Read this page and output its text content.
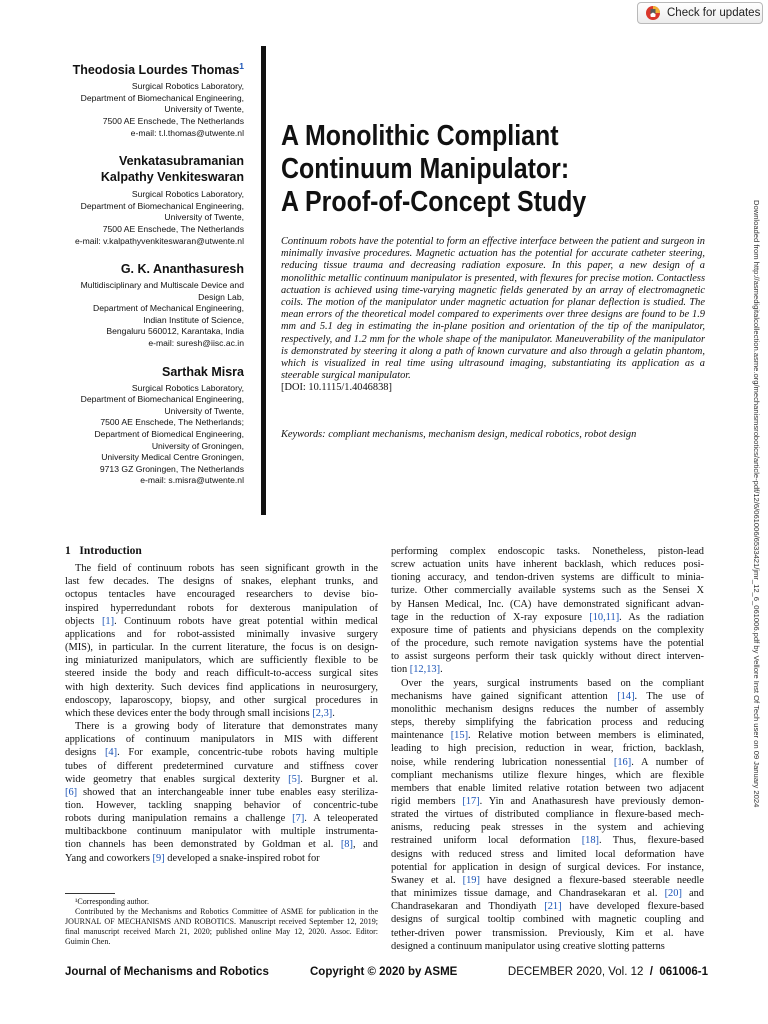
Check for updates
Theodosia Lourdes Thomas$^1$
Surgical Robotics Laboratory,
Department of Biomechanical Engineering,
University of Twente,
7500 AE Enschede, The Netherlands
e-mail: t.l.thomas@utwente.nl
Venkatasubramanian
Kalpathy Venkiteswaran
Surgical Robotics Laboratory,
Department of Biomechanical Engineering,
University of Twente,
7500 AE Enschede, The Netherlands
e-mail: v.kalpathyvenkiteswaran@utwente.nl
G. K. Ananthasuresh
Multidisciplinary and Multiscale Device and
Design Lab,
Department of Mechanical Engineering,
Indian Institute of Science,
Bengaluru 560012, Karantaka, India
e-mail: suresh@iisc.ac.in
Sarthak Misra
Surgical Robotics Laboratory,
Department of Biomechanical Engineering,
University of Twente,
7500 AE Enschede, The Netherlands;
Department of Biomedical Engineering,
University of Groningen,
University Medical Centre Groningen,
9713 GZ Groningen, The Netherlands
e-mail: s.misra@utwente.nl
A Monolithic Compliant
Continuum Manipulator:
A Proof-of-Concept Study
Continuum robots have the potential to form an effective interface between the patient and surgeon in minimally invasive procedures. Magnetic actuation has the potential for accurate catheter steering, reducing tissue trauma and decreasing radiation exposure. In this paper, a new design of a monolithic metallic continuum manipulator is presented, with flexures for precise motion. Contactless actuation is achieved using time-varying magnetic fields generated by an array of electromagnetic coils. The motion of the manipulator under magnetic actuation for planar deflection is studied. The mean errors of the theoretical model compared to experiments over three designs are found to be 1.9 mm and 5.1 deg in estimating the in-plane position and orientation of the tip of the manipulator, respectively, and 1.2 mm for the whole shape of the manipulator. Maneuverability of the manipulator is demonstrated by steering it along a path of known curvature and also through a gelatin phantom, which is visualized in real time using ultrasound imaging, substantiating its application as a steerable surgical manipulator.
[DOI: 10.1115/1.4046838]
Keywords: compliant mechanisms, mechanism design, medical robotics, robot design	Downloaded from http://asmedigitalcollection.asme.org/mechanismsrobotics/article-pdf/12/6/061006/6533421/jmr_12_6_061006.pdf by Vellore Inst Of Tech user on 09 January 2024
1 Introduction
The field of continuum robots has seen significant growth in the
last few decades. The designs of snakes, elephant trunks, and
octopus tentacles have encouraged researchers to devise bio-
inspired hyperredundant robots for dexterous manipulation of
objects [1]. Continuum robots have great potential within medical
applications and for robot-assisted minimally invasive surgery
(MIS), in particular. In the current literature, the focus is on design-
ing miniaturized manipulators, which are sufficiently flexible to be
steered inside the body and reach difficult-to-access surgical sites
with high dexterity. Such devices find applications in neurosurgery,
endoscopy, laparoscopy, biopsy, and other surgical procedures in
which these devices enter the body through small incisions [2,3].
There is a growing body of literature that demonstrates many
applications of continuum manipulators in MIS with different
designs [4]. For example, concentric-tube robots having multiple
tubes of different predetermined curvature and stiffness cover
wide geometry that enables surgical dexterity [5]. Burgner et al.
[6] showed that an interchangeable inner tube enables easy steriliza-
tion. However, tackling snapping behavior of concentric-tube
robots during manipulation remains a challenge [7]. A teleoperated
multibackbone continuum manipulator with multiple instrumenta-
tion channels has been demonstrated by Goldman et al. [8], and
Yang and coworkers [9] developed a snake-inspired robot for
performing complex endoscopic tasks. Nonetheless, piston-lead
screw actuation units have inherent backlash, which reduces posi-
tioning accuracy, and tendon-driven systems are difficult to minia-
turize. Other commercially available systems such as the Sensei X
by Hansen Medical, Inc. (CA) have demonstrated significant advan-
tage in the reduction of X-ray exposure [10,11]. As the radiation
exposure time of patients and physicians depends on the complexity
of the procedure, such remote navigation systems have the potential
to assist surgeons perform their task quickly without direct interven-
tion [12,13].
Over the years, surgical instruments based on the compliant
mechanisms have gained significant attention [14]. The use of
monolithic mechanism designs reduces the number of assembly
steps, thereby simplifying the fabrication process and reducing
maintenance [15]. Relative motion between members is eliminated,
leading to high precision, reduction in wear, friction, backlash,
noise, while rendering lubrication nonessential [16]. A number of
compliant mechanisms utilize flexure hinges, which are flexible
members that enable limited relative rotation between two adjacent
rigid members [17]. Yin and Anathasuresh have previously demon-
strated the virtues of distributed compliance in flexure-based mech-
anisms, reducing peak stresses in the system and achieving
restrained uniform local deformation [18]. Thus, flexure-based
designs with reduced stress and limited local deformation have
potential for application in design of surgical devices. For instance,
Swaney et al. [19] have designed a flexure-based steerable needle
that minimizes tissue damage, and Chandrasekaran et al. [20] and
Chandrasekaran and Thondiyath [21] have developed flexure-based
designs of surgical tooltip combined with magnetic coupling and
tether-driven power transmission. Previously, Kim et al. have
designed a continuum manipulator using creative slotting patterns
¹Corresponding author.
Contributed by the Mechanisms and Robotics Committee of ASME for publication in the JOURNAL OF MECHANISMS AND ROBOTICS. Manuscript received September 12, 2019; final manuscript received March 21, 2020; published online May 12, 2020. Assoc. Editor: Guimin Chen.
Journal of Mechanisms and Robotics	Copyright © 2020 by ASME	DECEMBER 2020, Vol. 12 / 061006-1
